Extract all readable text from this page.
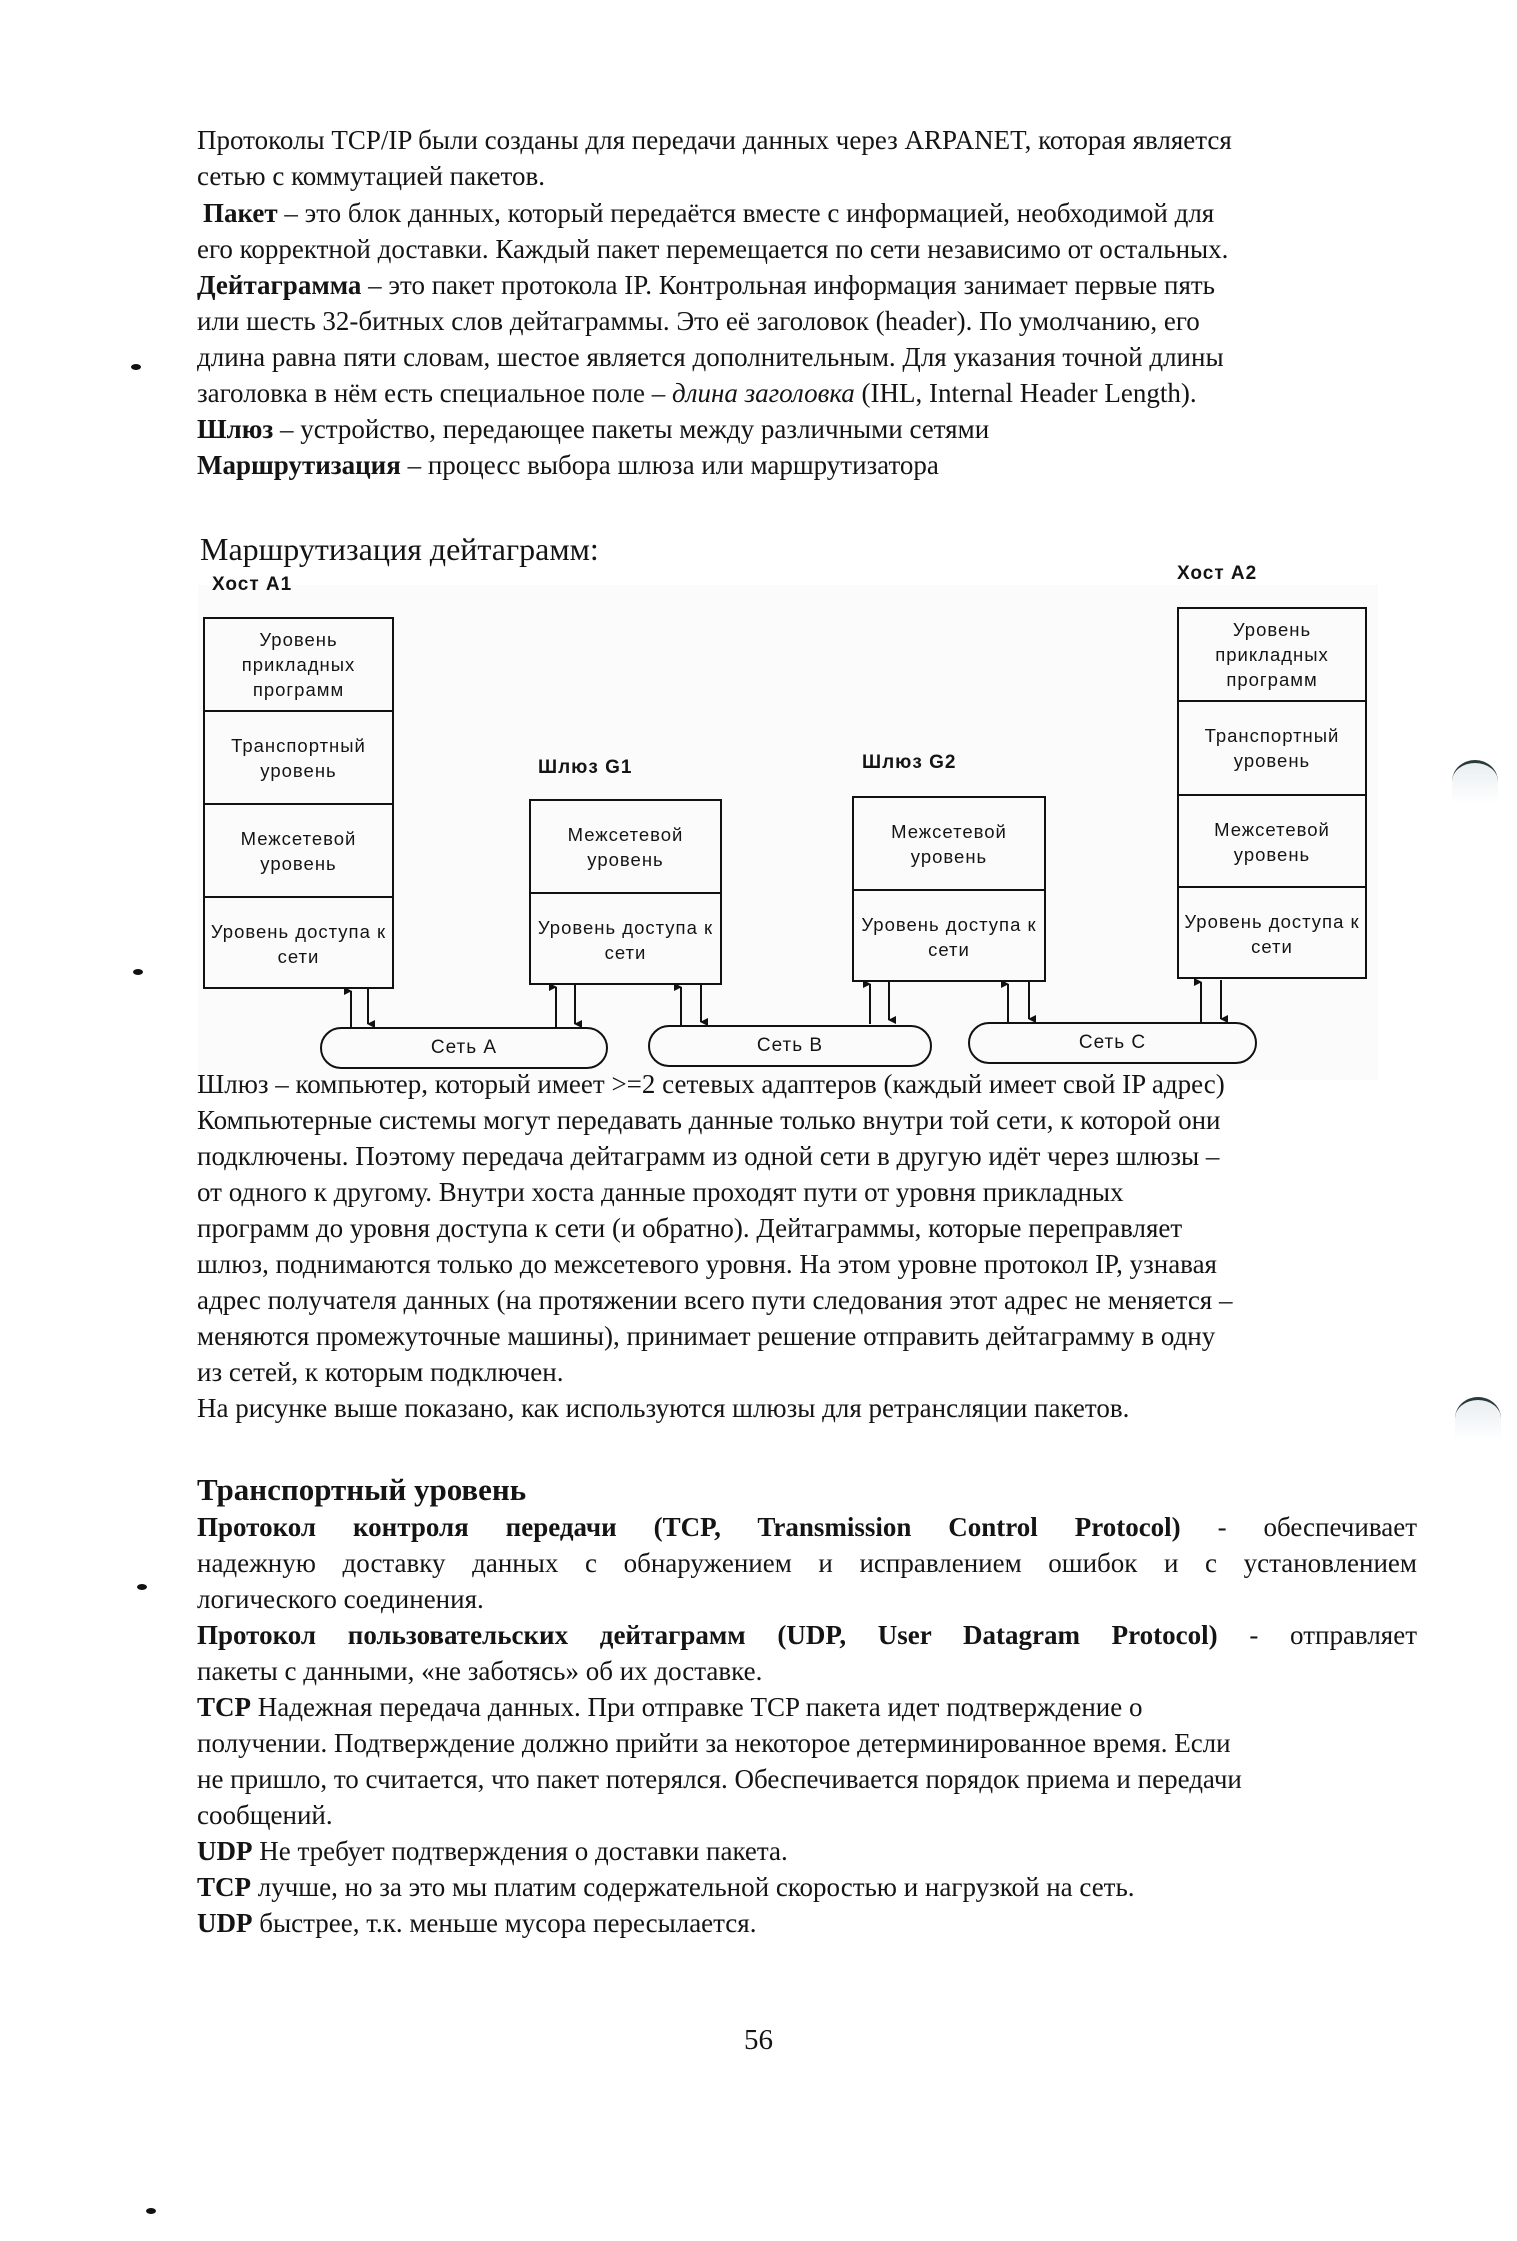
Протоколы TCP/IP были созданы для передачи данных через ARPANET, которая является
сетью с коммутацией пакетов.
Пакет – это блок данных, который передаётся вместе с информацией, необходимой для
его корректной доставки. Каждый пакет перемещается по сети независимо от остальных.
Дейтаграмма – это пакет протокола IP. Контрольная информация занимает первые пять
или шесть 32-битных слов дейтаграммы. Это её заголовок (header). По умолчанию, его
длина равна пяти словам, шестое является дополнительным. Для указания точной длины
заголовка в нём есть специальное поле – длина заголовка (IHL, Internal Header Length).
Шлюз – устройство, передающее пакеты между различными сетями
Маршрутизация – процесс выбора шлюза или маршрутизатора
Маршрутизация дейтаграмм:
Хост A1
Шлюз G1	Шлюз G2
Хост A2
Уровень прикладных программ
Транспортный уровень
Межсетевой уровень
Уровень доступа к сети
Межсетевой уровень
Уровень доступа к сети
Межсетевой уровень
Уровень доступа к сети
Уровень прикладных программ
Транспортный уровень
Межсетевой уровень
Уровень доступа к сети
Сеть A	Сеть B	Сеть C
Шлюз – компьютер, который имеет >=2 сетевых адаптеров (каждый имеет свой IP адрес)
Компьютерные системы могут передавать данные только внутри той сети, к которой они
подключены. Поэтому передача дейтаграмм из одной сети в другую идёт через шлюзы –
от одного к другому. Внутри хоста данные проходят пути от уровня прикладных
программ до уровня доступа к сети (и обратно). Дейтаграммы, которые переправляет
шлюз, поднимаются только до межсетевого уровня. На этом уровне протокол IP, узнавая
адрес получателя данных (на протяжении всего пути следования этот адрес не меняется –
меняются промежуточные машины), принимает решение отправить дейтаграмму в одну
из сетей, к которым подключен.
На рисунке выше показано, как используются шлюзы для ретрансляции пакетов.
Транспортный уровень
Протокол контроля передачи (TCP, Transmission Control Protocol) - обеспечивает
надежную доставку данных с обнаружением и исправлением ошибок и с установлением
логического соединения.
Протокол пользовательских дейтаграмм (UDP, User Datagram Protocol) - отправляет
пакеты с данными, «не заботясь» об их доставке.
TCP Надежная передача данных. При отправке TCP пакета идет подтверждение о
получении. Подтверждение должно прийти за некоторое детерминированное время. Если
не пришло, то считается, что пакет потерялся. Обеспечивается порядок приема и передачи
сообщений.
UDP Не требует подтверждения о доставки пакета.
TCP лучше, но за это мы платим содержательной скоростью и нагрузкой на сеть.
UDP быстрее, т.к. меньше мусора пересылается.
56
